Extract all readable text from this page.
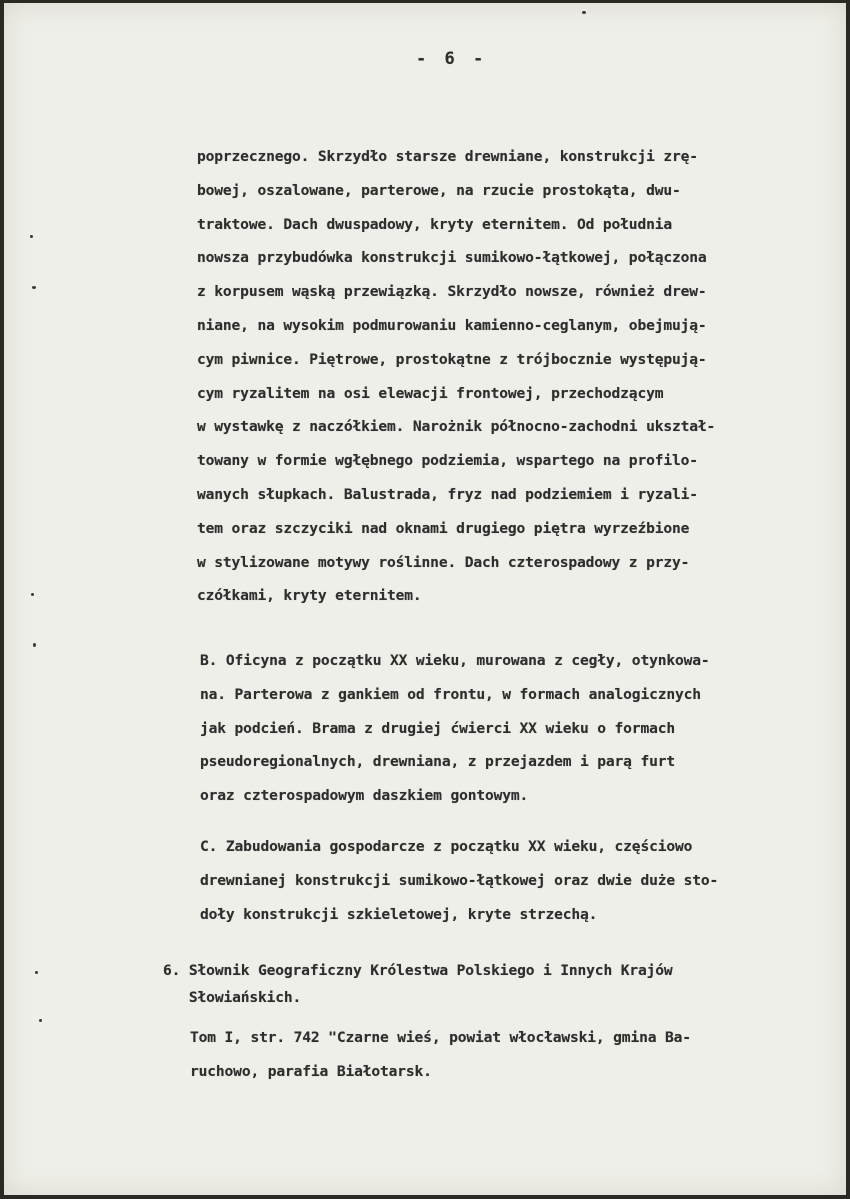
- 6 -
poprzecznego. Skrzydło starsze drewniane, konstrukcji zrę-
bowej, oszalowane, parterowe, na rzucie prostokąta, dwu-
traktowe. Dach dwuspadowy, kryty eternitem. Od południa
nowsza przybudówka konstrukcji sumikowo-łątkowej, połączona
z korpusem wąską przewiązką. Skrzydło nowsze, również drew-
niane, na wysokim podmurowaniu kamienno-ceglanym, obejmują-
cym piwnice. Piętrowe, prostokątne z trójbocznie występują-
cym ryzalitem na osi elewacji frontowej, przechodzącym
w wystawkę z naczółkiem. Narożnik północno-zachodni ukształ-
towany w formie wgłębnego podziemia, wspartego na profilo-
wanych słupkach. Balustrada, fryz nad podziemiem i ryzali-
tem oraz szczyciki nad oknami drugiego piętra wyrzeźbione
w stylizowane motywy roślinne. Dach czterospadowy z przy-
czółkami, kryty eternitem.
B. Oficyna z początku XX wieku, murowana z cegły, otynkowa-
na. Parterowa z gankiem od frontu, w formach analogicznych
jak podcień. Brama z drugiej ćwierci XX wieku o formach
pseudoregionalnych, drewniana, z przejazdem i parą furt
oraz czterospadowym daszkiem gontowym.
C. Zabudowania gospodarcze z początku XX wieku, częściowo
drewnianej konstrukcji sumikowo-łątkowej oraz dwie duże sto-
doły konstrukcji szkieletowej, kryte strzechą.
6. Słownik Geograficzny Królestwa Polskiego i Innych Krajów
Słowiańskich.
Tom I, str. 742 "Czarne wieś, powiat włocławski, gmina Ba-
ruchowo, parafia Białotarsk.
